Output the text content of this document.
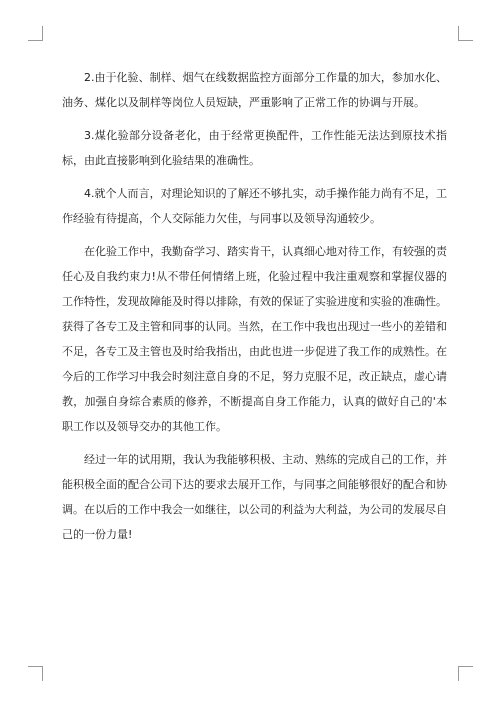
2.由于化验、制样、烟气在线数据监控方面部分工作量的加大，参加水化、油务、煤化以及制样等岗位人员短缺，严重影响了正常工作的协调与开展。

3.煤化验部分设备老化，由于经常更换配件，工作性能无法达到原技术指标，由此直接影响到化验结果的准确性。

4.就个人而言，对理论知识的了解还不够扎实，动手操作能力尚有不足，工作经验有待提高，个人交际能力欠佳，与同事以及领导沟通较少。

在化验工作中，我勤奋学习、踏实肯干，认真细心地对待工作，有较强的责任心及自我约束力!从不带任何情绪上班，化验过程中我注重观察和掌握仪器的工作特性，发现故障能及时得以排除，有效的保证了实验进度和实验的准确性。获得了各专工及主管和同事的认同。当然，在工作中我也出现过一些小的差错和不足，各专工及主管也及时给我指出，由此也进一步促进了我工作的成熟性。在今后的工作学习中我会时刻注意自身的不足，努力克服不足，改正缺点，虚心请教，加强自身综合素质的修养，不断提高自身工作能力，认真的做好自己的'本职工作以及领导交办的其他工作。

经过一年的试用期，我认为我能够积极、主动、熟练的完成自己的工作，并能积极全面的配合公司下达的要求去展开工作，与同事之间能够很好的配合和协调。在以后的工作中我会一如继往，以公司的利益为大利益，为公司的发展尽自己的一份力量!
